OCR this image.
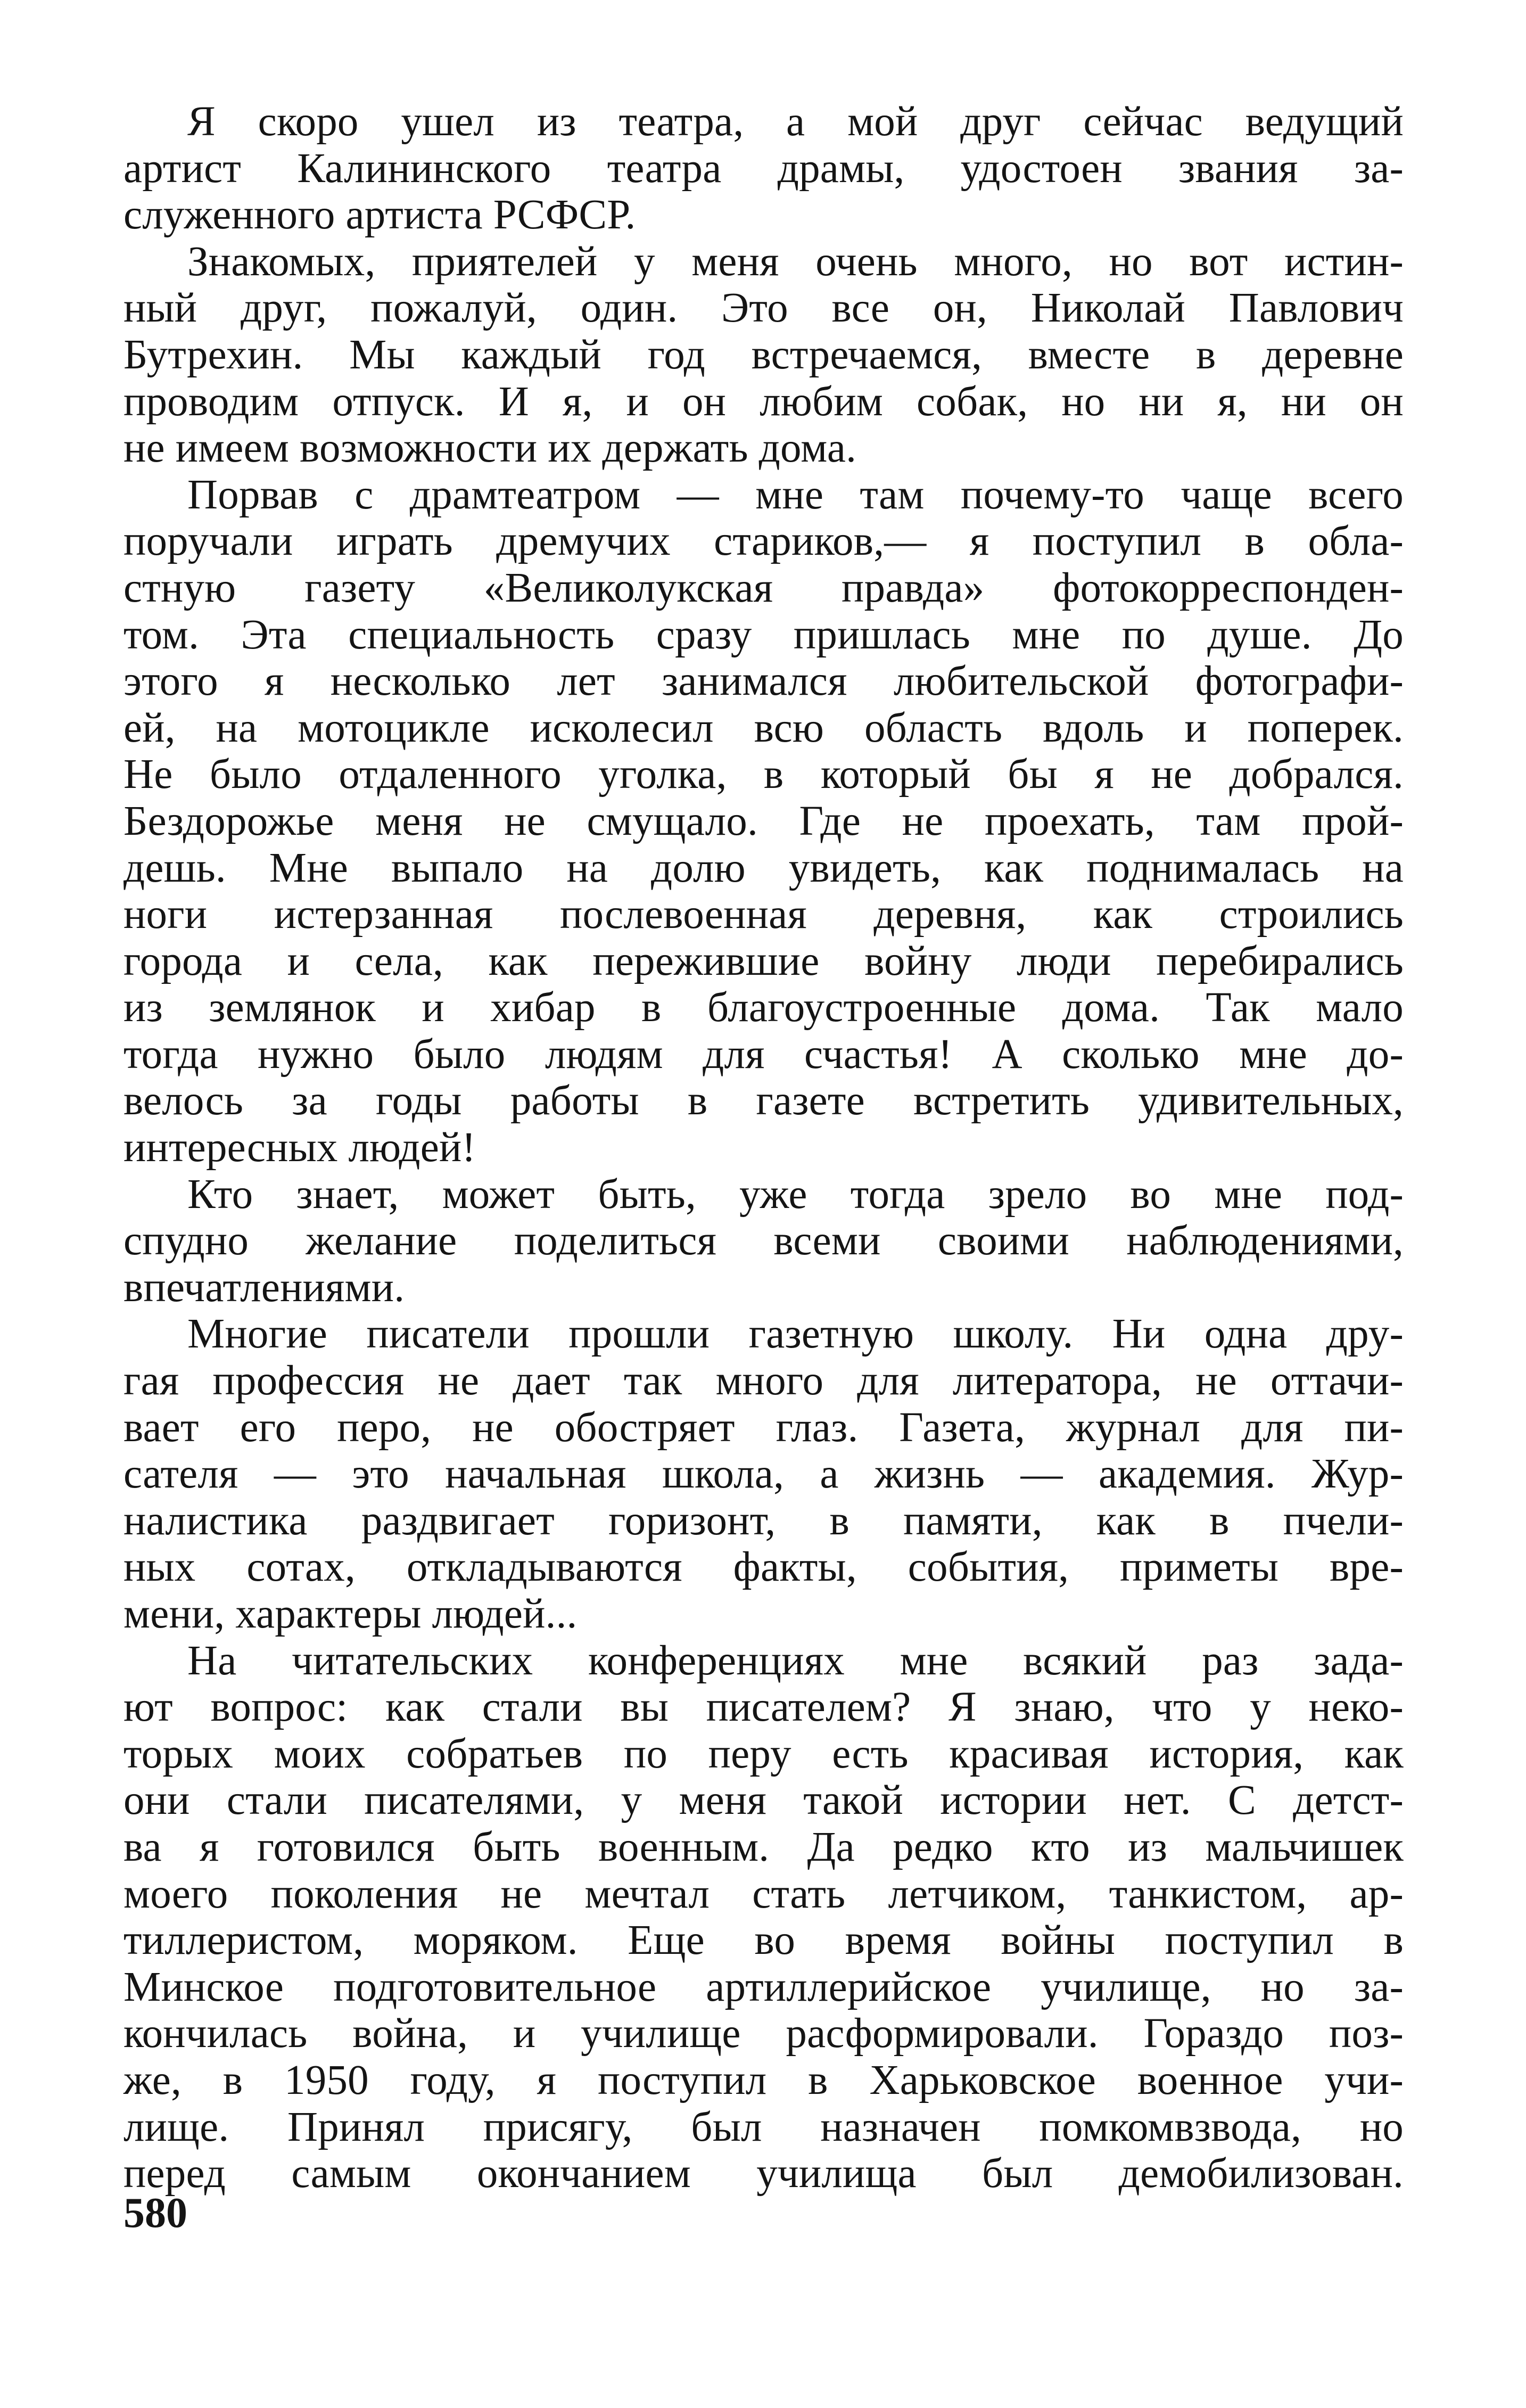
Я скоро ушел из театра, а мой друг сейчас ведущий
артист Калининского театра драмы, удостоен звания за-
служенного артиста РСФСР.
Знакомых, приятелей у меня очень много, но вот истин-
ный друг, пожалуй, один. Это все он, Николай Павлович
Бутрехин. Мы каждый год встречаемся, вместе в деревне
проводим отпуск. И я, и он любим собак, но ни я, ни он
не имеем возможности их держать дома.
Порвав с драмтеатром — мне там почему-то чаще всего
поручали играть дремучих стариков,— я поступил в обла-
стную газету «Великолукская правда» фотокорреспонден-
том. Эта специальность сразу пришлась мне по душе. До
этого я несколько лет занимался любительской фотографи-
ей, на мотоцикле исколесил всю область вдоль и поперек.
Не было отдаленного уголка, в который бы я не добрался.
Бездорожье меня не смущало. Где не проехать, там прой-
дешь. Мне выпало на долю увидеть, как поднималась на
ноги истерзанная послевоенная деревня, как строились
города и села, как пережившие войну люди перебирались
из землянок и хибар в благоустроенные дома. Так мало
тогда нужно было людям для счастья! А сколько мне до-
велось за годы работы в газете встретить удивительных,
интересных людей!
Кто знает, может быть, уже тогда зрело во мне под-
спудно желание поделиться всеми своими наблюдениями,
впечатлениями.
Многие писатели прошли газетную школу. Ни одна дру-
гая профессия не дает так много для литератора, не оттачи-
вает его перо, не обостряет глаз. Газета, журнал для пи-
сателя — это начальная школа, а жизнь — академия. Жур-
налистика раздвигает горизонт, в памяти, как в пчели-
ных сотах, откладываются факты, события, приметы вре-
мени, характеры людей...
На читательских конференциях мне всякий раз зада-
ют вопрос: как стали вы писателем? Я знаю, что у неко-
торых моих собратьев по перу есть красивая история, как
они стали писателями, у меня такой истории нет. С детст-
ва я готовился быть военным. Да редко кто из мальчишек
моего поколения не мечтал стать летчиком, танкистом, ар-
тиллеристом, моряком. Еще во время войны поступил в
Минское подготовительное артиллерийское училище, но за-
кончилась война, и училище расформировали. Гораздо поз-
же, в 1950 году, я поступил в Харьковское военное учи-
лище. Принял присягу, был назначен помкомвзвода, но
перед самым окончанием училища был демобилизован.
580
